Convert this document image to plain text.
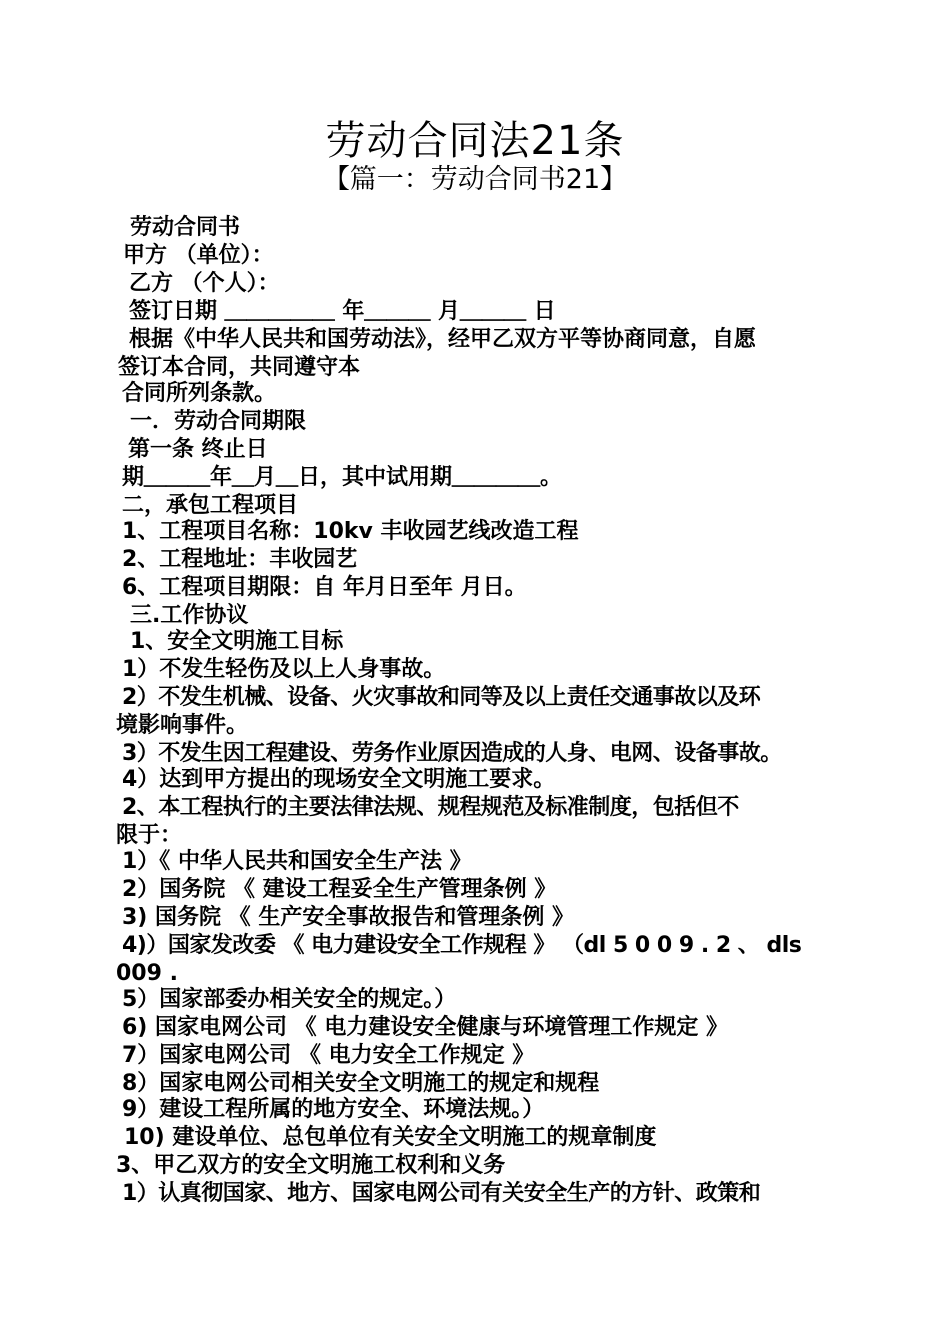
劳动合同法21条
【篇一：劳动合同书21】
劳动合同书
甲方 （单位）：
乙方 （个人）：
签订日期 ＿＿＿＿＿ 年＿＿＿ 月＿＿＿ 日
根据《中华人民共和国劳动法》，经甲乙双方平等协商同意，自愿
签订本合同，共同遵守本
合同所列条款。
一．劳动合同期限
第一条 终止日
期＿＿＿年＿月＿日，其中试用期＿＿＿＿。
二，承包工程项目
1、工程项目名称：10kv 丰收园艺线改造工程
2、工程地址：丰收园艺
6、工程项目期限：自 年月日至年 月日。
三.工作协议
1、安全文明施工目标
1）不发生轻伤及以上人身事故。
2）不发生机械、设备、火灾事故和同等及以上责任交通事故以及环
境影响事件。
3）不发生因工程建设、劳务作业原因造成的人身、电网、设备事故。
4）达到甲方提出的现场安全文明施工要求。
2、本工程执行的主要法律法规、规程规范及标准制度，包括但不
限于：
1）《 中华人民共和国安全生产法 》
2）国务院 《 建设工程妥全生产管理条例 》
3) 国务院 《 生产安全事故报告和管理条例 》
4)）国家发改委 《 电力建设安全工作规程 》 （dl 5 0 0 9 . 2 、 dls
009 .
5）国家部委办相关安全的规定。）
6) 国家电网公司 《 电力建设安全健康与环境管理工作规定 》
7）国家电网公司 《 电力安全工作规定 》
8）国家电网公司相关安全文明施工的规定和规程
9）建设工程所属的地方安全、环境法规。）
10) 建设单位、总包单位有关安全文明施工的规章制度
3、甲乙双方的安全文明施工权利和义务
1）认真彻国家、地方、国家电网公司有关安全生产的方针、政策和
